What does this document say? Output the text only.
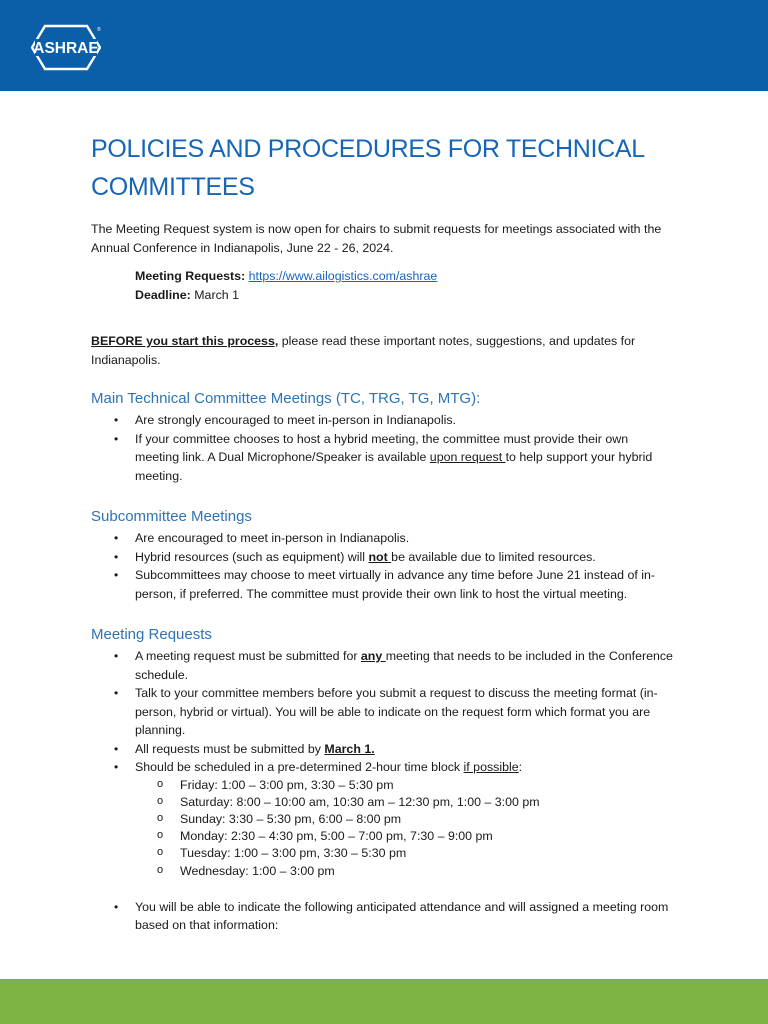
ASHRAE
®
POLICIES AND PROCEDURES FOR TECHNICAL
COMMITTEES

The Meeting Request system is now open for chairs to submit requests for meetings associated with the
Annual Conference in Indianapolis, June 22 - 26, 2024.

Meeting Requests: https://www.ailogistics.com/ashrae
Deadline: March 1

BEFORE you start this process, please read these important notes, suggestions, and updates for
Indianapolis.

Main Technical Committee Meetings (TC, TRG, TG, MTG):
• Are strongly encouraged to meet in-person in Indianapolis.
• If your committee chooses to host a hybrid meeting, the committee must provide their own
meeting link. A Dual Microphone/Speaker is available upon request to help support your hybrid
meeting.
Subcommittee Meetings
• Are encouraged to meet in-person in Indianapolis.
• Hybrid resources (such as equipment) will not be available due to limited resources.
• Subcommittees may choose to meet virtually in advance any time before June 21 instead of in-
person, if preferred. The committee must provide their own link to host the virtual meeting.
Meeting Requests
• A meeting request must be submitted for any meeting that needs to be included in the Conference
schedule.
• Talk to your committee members before you submit a request to discuss the meeting format (in-
person, hybrid or virtual). You will be able to indicate on the request form which format you are
planning.
• All requests must be submitted by March 1.
• Should be scheduled in a pre-determined 2-hour time block if possible:
o Friday: 1:00 – 3:00 pm, 3:30 – 5:30 pm
o Saturday: 8:00 – 10:00 am, 10:30 am – 12:30 pm, 1:00 – 3:00 pm
o Sunday: 3:30 – 5:30 pm, 6:00 – 8:00 pm
o Monday: 2:30 – 4:30 pm, 5:00 – 7:00 pm, 7:30 – 9:00 pm
o Tuesday: 1:00 – 3:00 pm, 3:30 – 5:30 pm
o Wednesday: 1:00 – 3:00 pm
• You will be able to indicate the following anticipated attendance and will assigned a meeting room
based on that information:
